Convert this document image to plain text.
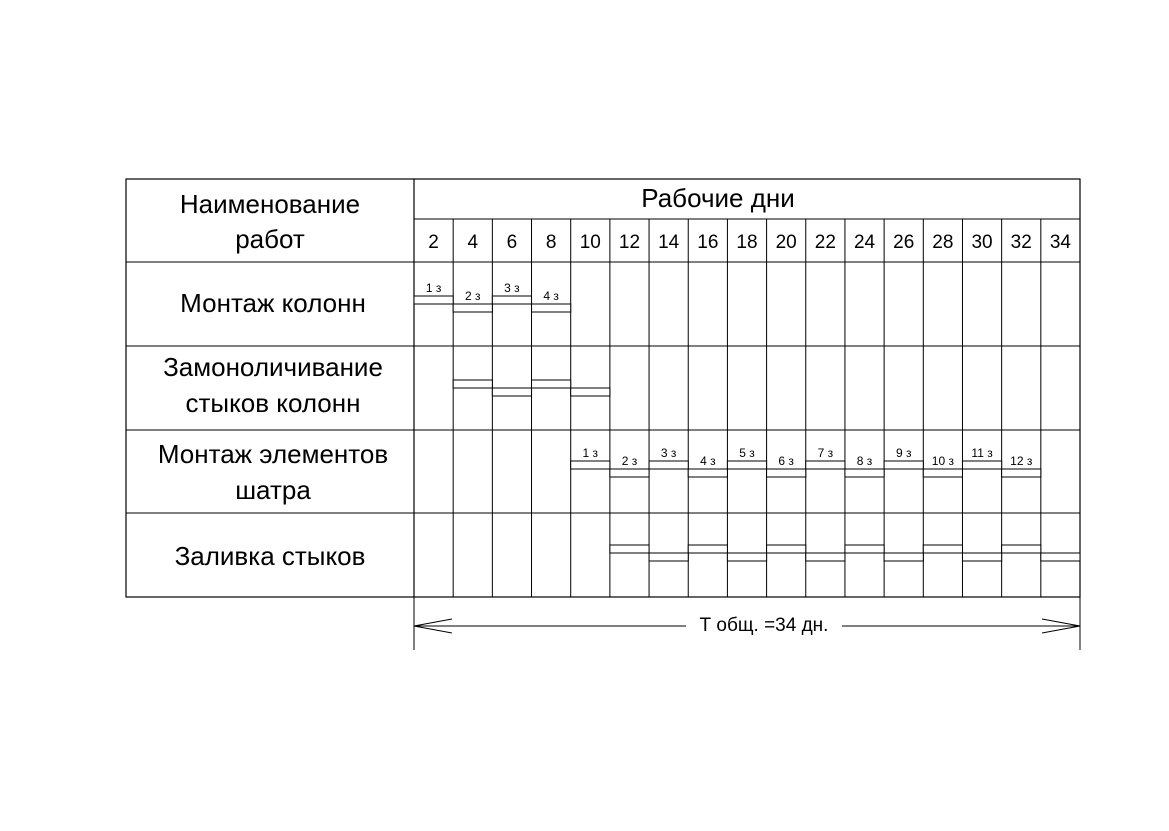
Наименование
работ
Рабочие дни
Монтаж колонн
Замоноличивание
стыков колонн
Монтаж элементов
шатра
Заливка стыков
Т общ. =34 дн.
2 4 6 8 10 12 14 16 18 20 22 24 26 28 30 32 34
1 з
2 з
3 з
4 з
1 з
2 з
3 з
4 з
5 з
6 з
7 з
8 з
9 з
10 з
11 з
12 з
